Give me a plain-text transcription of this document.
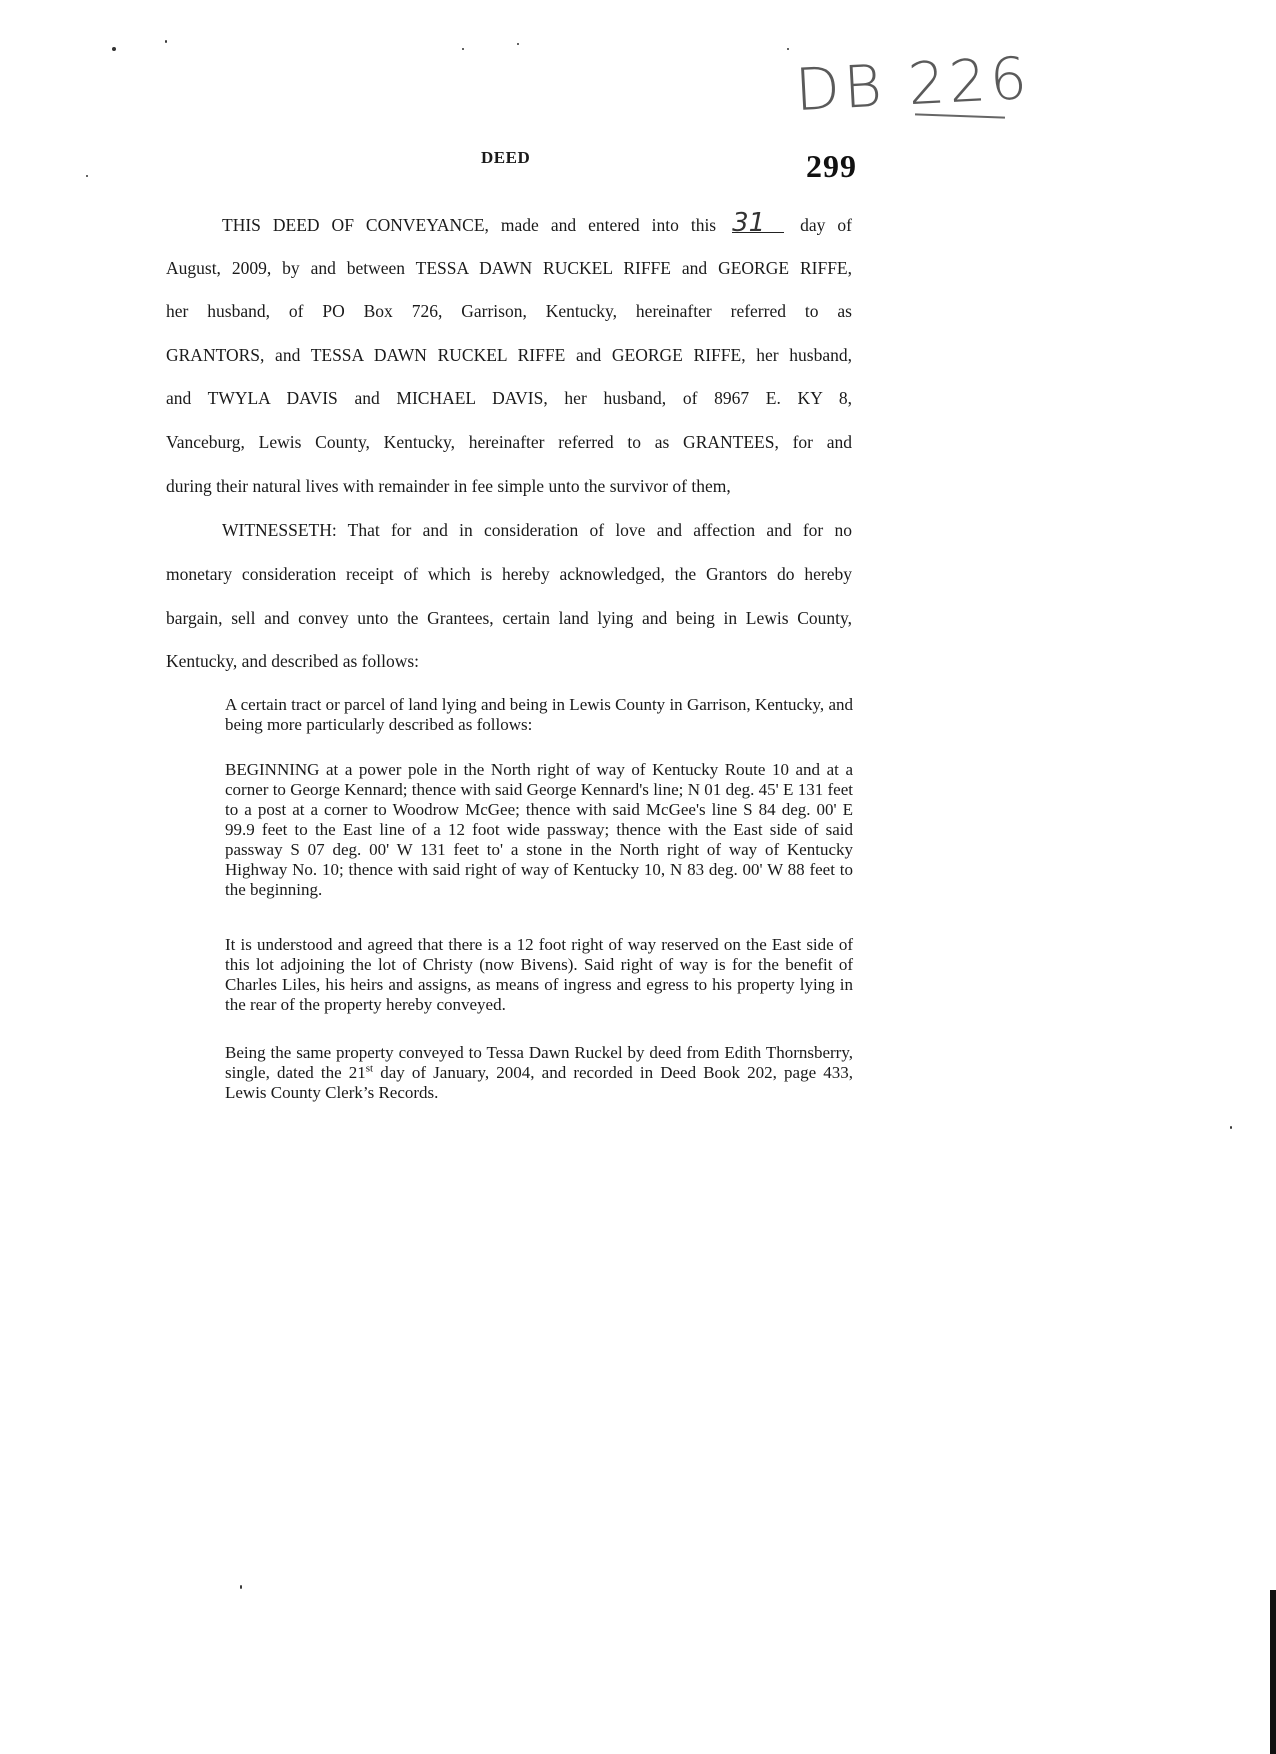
DB 226
DEED	299
THIS DEED OF CONVEYANCE, made and entered into this 31 day of
August, 2009, by and between TESSA DAWN RUCKEL RIFFE and GEORGE RIFFE,
her husband, of PO Box 726, Garrison, Kentucky, hereinafter referred to as
GRANTORS, and TESSA DAWN RUCKEL RIFFE and GEORGE RIFFE, her husband,
and TWYLA DAVIS and MICHAEL DAVIS, her husband, of 8967 E. KY 8,
Vanceburg, Lewis County, Kentucky, hereinafter referred to as GRANTEES, for and
during their natural lives with remainder in fee simple unto the survivor of them,
WITNESSETH: That for and in consideration of love and affection and for no
monetary consideration receipt of which is hereby acknowledged, the Grantors do hereby
bargain, sell and convey unto the Grantees, certain land lying and being in Lewis County,
Kentucky, and described as follows:

A certain tract or parcel of land lying and being in Lewis County in Garrison, Kentucky, and being more particularly described as follows:

BEGINNING at a power pole in the North right of way of Kentucky Route 10 and at a corner to George Kennard; thence with said George Kennard's line; N 01 deg. 45' E 131 feet to a post at a corner to Woodrow McGee; thence with said McGee's line S 84 deg. 00' E 99.9 feet to the East line of a 12 foot wide passway; thence with the East side of said passway S 07 deg. 00' W 131 feet to' a stone in the North right of way of Kentucky Highway No. 10; thence with said right of way of Kentucky 10, N 83 deg. 00' W 88 feet to the beginning.

It is understood and agreed that there is a 12 foot right of way reserved on the East side of this lot adjoining the lot of Christy (now Bivens). Said right of way is for the benefit of Charles Liles, his heirs and assigns, as means of ingress and egress to his property lying in the rear of the property hereby conveyed.

Being the same property conveyed to Tessa Dawn Ruckel by deed from Edith Thornsberry, single, dated the 21st day of January, 2004, and recorded in Deed Book 202, page 433, Lewis County Clerk’s Records.
